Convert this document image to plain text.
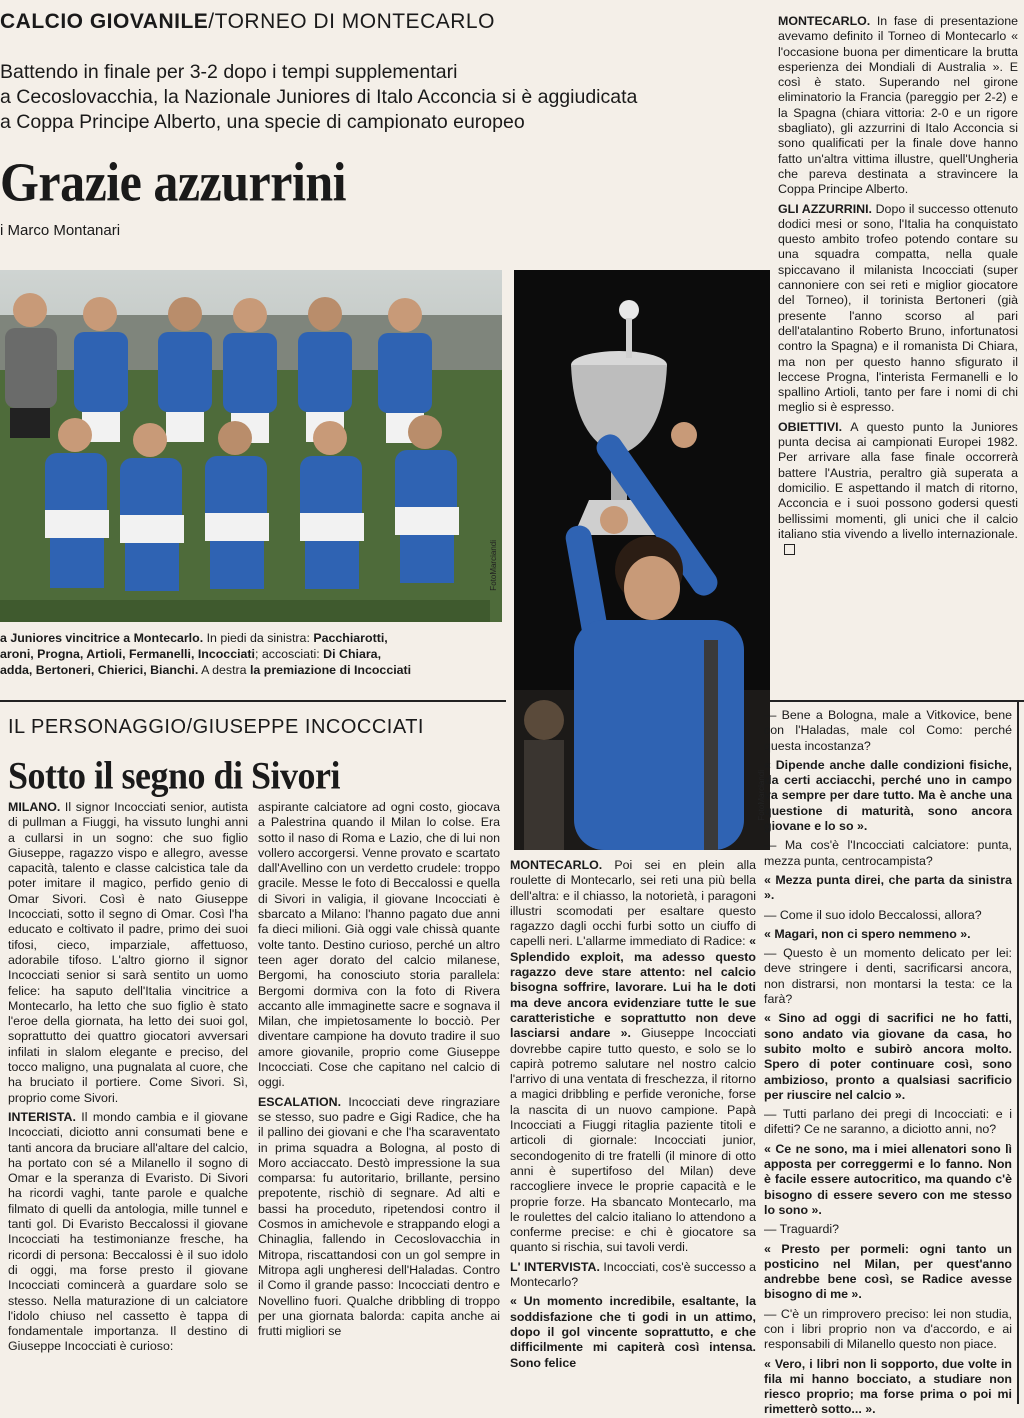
CALCIO GIOVANILE/TORNEO DI MONTECARLO
Battendo in finale per 3-2 dopo i tempi supplementari
a Cecoslovacchia, la Nazionale Juniores di Italo Acconcia si è aggiudicata
a Coppa Principe Alberto, una specie di campionato europeo
Grazie azzurrini
i Marco Montanari
FotoMarciandi
a Juniores vincitrice a Montecarlo. In piedi da sinistra: Pacchiarotti,
aroni, Progna, Artioli, Fermanelli, Incocciati; accosciati: Di Chiara,
adda, Bertoneri, Chierici, Bianchi. A destra la premiazione di Incocciati
FotoMarciandi

MONTECARLO. In fase di presentazione avevamo definito il Torneo di Montecarlo « l'occasione buona per dimenticare la brutta esperienza dei Mondiali di Australia ». E così è stato. Superando nel girone eliminatorio la Francia (pareggio per 2-2) e la Spagna (chiara vittoria: 2-0 e un rigore sbagliato), gli azzurrini di Italo Acconcia si sono qualificati per la finale dove hanno fatto un'altra vittima illustre, quell'Ungheria che pareva destinata a stravincere la Coppa Principe Alberto.

GLI AZZURRINI. Dopo il successo ottenuto dodici mesi or sono, l'Italia ha conquistato questo ambito trofeo potendo contare su una squadra compatta, nella quale spiccavano il milanista Incocciati (super cannoniere con sei reti e miglior giocatore del Torneo), il torinista Bertoneri (già presente l'anno scorso al pari dell'atalantino Roberto Bruno, infortunatosi contro la Spagna) e il romanista Di Chiara, ma non per questo hanno sfigurato il leccese Progna, l'interista Fermanelli e lo spallino Artioli, tanto per fare i nomi di chi meglio si è espresso.

OBIETTIVI. A questo punto la Juniores punta decisa ai campionati Europei 1982. Per arrivare alla fase finale occorrerà battere l'Austria, peraltro già superata a domicilio. E aspettando il match di ritorno, Acconcia e i suoi possono godersi questi bellissimi momenti, gli unici che il calcio italiano stia vivendo a livello internazionale.

IL PERSONAGGIO/GIUSEPPE INCOCCIATI
Sotto il segno di Sivori

MILANO. Il signor Incocciati senior, autista di pullman a Fiuggi, ha vissuto lunghi anni a cullarsi in un sogno: che suo figlio Giuseppe, ragazzo vispo e allegro, avesse capacità, talento e classe calcistica tale da poter imitare il magico, perfido genio di Omar Sivori. Così è nato Giuseppe Incocciati, sotto il segno di Omar. Così l'ha educato e coltivato il padre, primo dei suoi tifosi, cieco, imparziale, affettuoso, adorabile tifoso. L'altro giorno il signor Incocciati senior si sarà sentito un uomo felice: ha saputo dell'Italia vincitrice a Montecarlo, ha letto che suo figlio è stato l'eroe della giornata, ha letto dei suoi gol, soprattutto dei quattro giocatori avversari infilati in slalom elegante e preciso, del tocco maligno, una pugnalata al cuore, che ha bruciato il portiere. Come Sivori. Sì, proprio come Sivori.

INTERISTA. Il mondo cambia e il giovane Incocciati, diciotto anni consumati bene e tanti ancora da bruciare all'altare del calcio, ha portato con sé a Milanello il sogno di Omar e la speranza di Evaristo. Di Sivori ha ricordi vaghi, tante parole e qualche filmato di quelli da antologia, mille tunnel e tanti gol. Di Evaristo Beccalossi il giovane Incocciati ha testimonianze fresche, ha ricordi di persona: Beccalossi è il suo idolo di oggi, ma forse presto il giovane Incocciati comincerà a guardare solo se stesso. Nella maturazione di un calciatore l'idolo chiuso nel cassetto è tappa di fondamentale importanza. Il destino di Giuseppe Incocciati è curioso:

aspirante calciatore ad ogni costo, giocava a Palestrina quando il Milan lo colse. Era sotto il naso di Roma e Lazio, che di lui non vollero accorgersi. Venne provato e scartato dall'Avellino con un verdetto crudele: troppo gracile. Messe le foto di Beccalossi e quella di Sivori in valigia, il giovane Incocciati è sbarcato a Milano: l'hanno pagato due anni fa dieci milioni. Già oggi vale chissà quante volte tanto. Destino curioso, perché un altro teen ager dorato del calcio milanese, Bergomi, ha conosciuto storia parallela: Bergomi dormiva con la foto di Rivera accanto alle immaginette sacre e sognava il Milan, che impietosamente lo bocciò. Per diventare campione ha dovuto tradire il suo amore giovanile, proprio come Giuseppe Incocciati. Cose che capitano nel calcio di oggi.

ESCALATION. Incocciati deve ringraziare se stesso, suo padre e Gigi Radice, che ha il pallino dei giovani e che l'ha scaraventato in prima squadra a Bologna, al posto di Moro acciaccato. Destò impressione la sua comparsa: fu autoritario, brillante, persino prepotente, rischiò di segnare. Ad alti e bassi ha proceduto, ripetendosi contro il Cosmos in amichevole e strappando elogi a Chinaglia, fallendo in Cecoslovacchia in Mitropa, riscattandosi con un gol sempre in Mitropa agli ungheresi dell'Haladas. Contro il Como il grande passo: Incocciati dentro e Novellino fuori. Qualche dribbling di troppo per una giornata balorda: capita anche ai frutti migliori se

MONTECARLO. Poi sei en plein alla roulette di Montecarlo, sei reti una più bella dell'altra: e il chiasso, la notorietà, i paragoni illustri scomodati per esaltare questo ragazzo dagli occhi furbi sotto un ciuffo di capelli neri. L'allarme immediato di Radice: « Splendido exploit, ma adesso questo ragazzo deve stare attento: nel calcio bisogna soffrire, lavorare. Lui ha le doti ma deve ancora evidenziare tutte le sue caratteristiche e soprattutto non deve lasciarsi andare ». Giuseppe Incocciati dovrebbe capire tutto questo, e solo se lo capirà potremo salutare nel nostro calcio l'arrivo di una ventata di freschezza, il ritorno a magici dribbling e perfide veroniche, forse la nascita di un nuovo campione. Papà Incocciati a Fiuggi ritaglia paziente titoli e articoli di giornale: Incocciati junior, secondogenito di tre fratelli (il minore di otto anni è supertifoso del Milan) deve raccogliere invece le proprie capacità e le proprie forze. Ha sbancato Montecarlo, ma le roulettes del calcio italiano lo attendono a conferme precise: e chi è giocatore sa quanto si rischia, sui tavoli verdi.

L' INTERVISTA. Incocciati, cos'è successo a Montecarlo?

« Un momento incredibile, esaltante, la soddisfazione che ti godi in un attimo, dopo il gol vincente soprattutto, e che difficilmente mi capiterà così intensa. Sono felice

— Bene a Bologna, male a Vitkovice, bene con l'Haladas, male col Como: perché questa incostanza?

« Dipende anche dalle condizioni fisiche, da certi acciacchi, perché uno in campo va sempre per dare tutto. Ma è anche una questione di maturità, sono ancora giovane e lo so ».

— Ma cos'è l'Incocciati calciatore: punta, mezza punta, centrocampista?

« Mezza punta direi, che parta da sinistra ».

— Come il suo idolo Beccalossi, allora?

« Magari, non ci spero nemmeno ».

— Questo è un momento delicato per lei: deve stringere i denti, sacrificarsi ancora, non distrarsi, non montarsi la testa: ce la farà?

« Sino ad oggi di sacrifici ne ho fatti, sono andato via giovane da casa, ho subito molto e subirò ancora molto. Spero di poter continuare così, sono ambizioso, pronto a qualsiasi sacrificio per riuscire nel calcio ».

— Tutti parlano dei pregi di Incocciati: e i difetti? Ce ne saranno, a diciotto anni, no?

« Ce ne sono, ma i miei allenatori sono lì apposta per correggermi e lo fanno. Non è facile essere autocritico, ma quando c'è bisogno di essere severo con me stesso lo sono ».

— Traguardi?

« Presto per pormeli: ogni tanto un posticino nel Milan, per quest'anno andrebbe bene così, se Radice avesse bisogno di me ».

— C'è un rimprovero preciso: lei non studia, con i libri proprio non va d'accordo, e ai responsabili di Milanello questo non piace.

« Vero, i libri non li sopporto, due volte in fila mi hanno bocciato, a studiare non riesco proprio; ma forse prima o poi mi rimetterò sotto... ».
